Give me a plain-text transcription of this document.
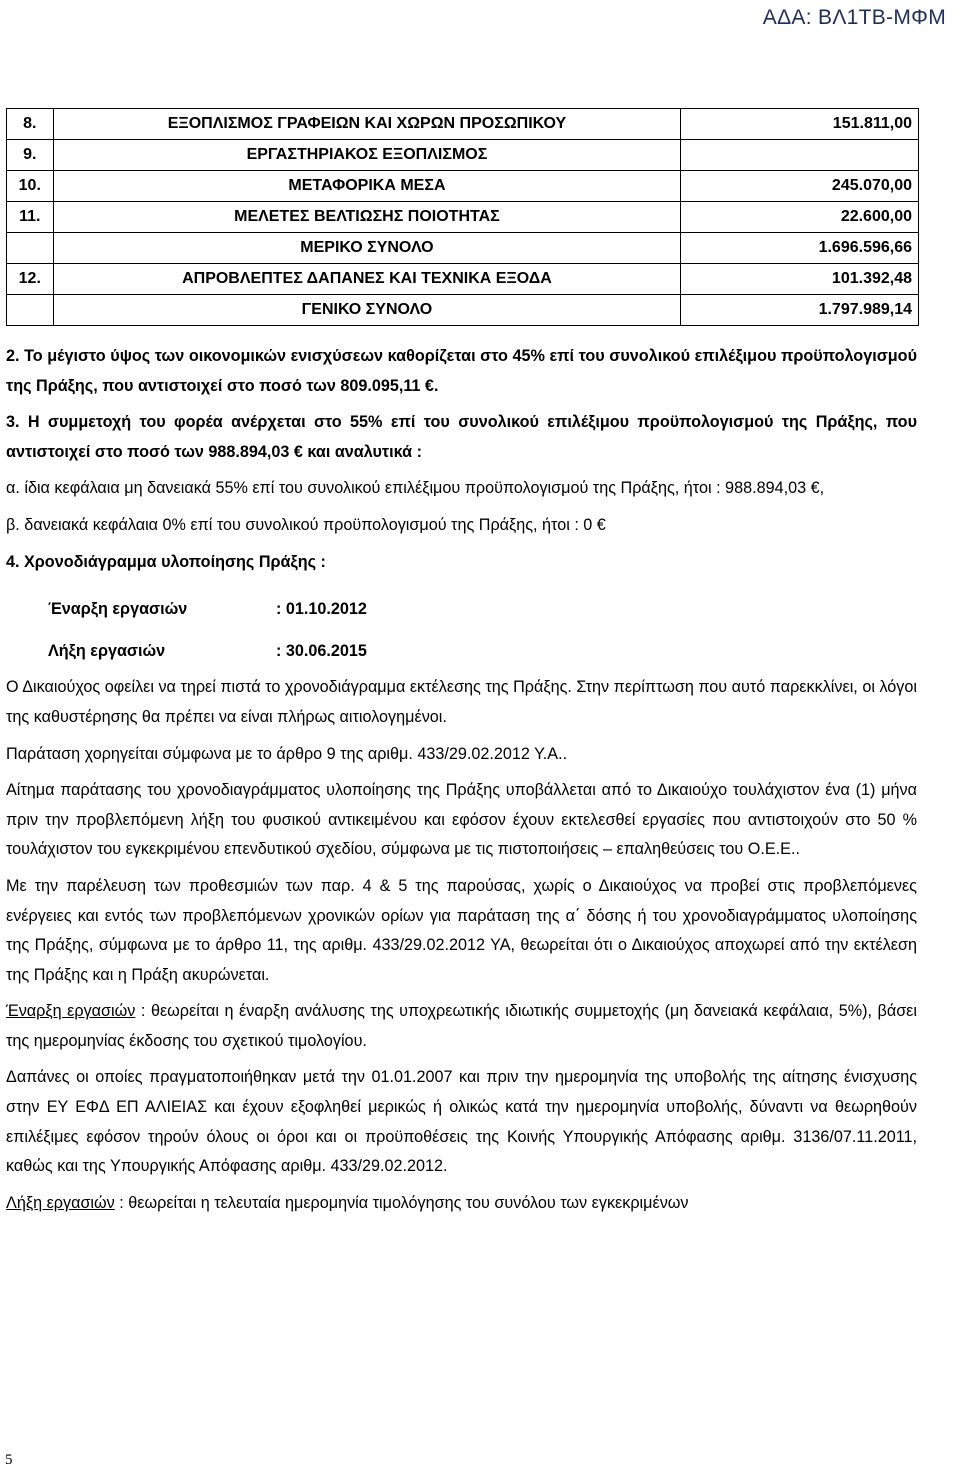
ΑΔΑ: ΒΛ1ΤΒ-ΜΦΜ
8.	ΕΞΟΠΛΙΣΜΟΣ ΓΡΑΦΕΙΩΝ ΚΑΙ ΧΩΡΩΝ ΠΡΟΣΩΠΙΚΟΥ	151.811,00
9.	ΕΡΓΑΣΤΗΡΙΑΚΟΣ ΕΞΟΠΛΙΣΜΟΣ	
10.	ΜΕΤΑΦΟΡΙΚΑ ΜΕΣΑ	245.070,00
11.	ΜΕΛΕΤΕΣ ΒΕΛΤΙΩΣΗΣ ΠΟΙΟΤΗΤΑΣ	22.600,00
	ΜΕΡΙΚΟ ΣΥΝΟΛΟ	1.696.596,66
12.	ΑΠΡΟΒΛΕΠΤΕΣ ΔΑΠΑΝΕΣ ΚΑΙ ΤΕΧΝΙΚΑ ΕΞΟΔΑ	101.392,48
	ΓΕΝΙΚΟ ΣΥΝΟΛΟ	1.797.989,14

2. Το μέγιστο ύψος των οικονομικών ενισχύσεων καθορίζεται στο 45% επί του συνολικού επιλέξιμου προϋπολογισμού της Πράξης, που αντιστοιχεί στο ποσό των 809.095,11 €.

3. Η συμμετοχή του φορέα ανέρχεται στο 55% επί του συνολικού επιλέξιμου προϋπολογισμού της Πράξης, που αντιστοιχεί στο ποσό των 988.894,03 € και αναλυτικά :

α. ίδια κεφάλαια μη δανειακά 55% επί του συνολικού επιλέξιμου προϋπολογισμού της Πράξης, ήτοι : 988.894,03 €,

β. δανειακά κεφάλαια 0% επί του συνολικού προϋπολογισμού της Πράξης, ήτοι : 0 €

4. Χρονοδιάγραμμα υλοποίησης Πράξης :

Έναρξη εργασιών	: 01.10.2012

Λήξη εργασιών	: 30.06.2015

Ο Δικαιούχος οφείλει να τηρεί πιστά το χρονοδιάγραμμα εκτέλεσης της Πράξης. Στην περίπτωση που αυτό παρεκκλίνει, οι λόγοι της καθυστέρησης θα πρέπει να είναι πλήρως αιτιολογημένοι.

Παράταση χορηγείται σύμφωνα με το άρθρο 9 της αριθμ. 433/29.02.2012 Υ.Α..

Αίτημα παράτασης του χρονοδιαγράμματος υλοποίησης της Πράξης υποβάλλεται από το Δικαιούχο τουλάχιστον ένα (1) μήνα πριν την προβλεπόμενη λήξη του φυσικού αντικειμένου και εφόσον έχουν εκτελεσθεί εργασίες που αντιστοιχούν στο 50 % τουλάχιστον του εγκεκριμένου επενδυτικού σχεδίου, σύμφωνα με τις πιστοποιήσεις – επαληθεύσεις του Ο.Ε.Ε..

Με την παρέλευση των προθεσμιών των παρ. 4 & 5 της παρούσας, χωρίς ο Δικαιούχος να προβεί στις προβλεπόμενες ενέργειες και εντός των προβλεπόμενων χρονικών ορίων για παράταση της α΄ δόσης ή του χρονοδιαγράμματος υλοποίησης της Πράξης, σύμφωνα με το άρθρο 11, της αριθμ. 433/29.02.2012 ΥΑ, θεωρείται ότι ο Δικαιούχος αποχωρεί από την εκτέλεση της Πράξης και η Πράξη ακυρώνεται.

Έναρξη εργασιών : θεωρείται η έναρξη ανάλυσης της υποχρεωτικής ιδιωτικής συμμετοχής (μη δανειακά κεφάλαια, 5%), βάσει της ημερομηνίας έκδοσης του σχετικού τιμολογίου.

Δαπάνες οι οποίες πραγματοποιήθηκαν μετά την 01.01.2007 και πριν την ημερομηνία της υποβολής της αίτησης ένισχυσης στην ΕΥ ΕΦΔ ΕΠ ΑΛΙΕΙΑΣ και έχουν εξοφληθεί μερικώς ή ολικώς κατά την ημερομηνία υποβολής, δύναντι να θεωρηθούν επιλέξιμες εφόσον τηρούν όλους οι όροι και οι προϋποθέσεις της Κοινής Υπουργικής Απόφασης αριθμ. 3136/07.11.2011, καθώς και της Υπουργικής Απόφασης αριθμ. 433/29.02.2012.

Λήξη εργασιών : θεωρείται η τελευταία ημερομηνία τιμολόγησης του συνόλου των εγκεκριμένων

5
